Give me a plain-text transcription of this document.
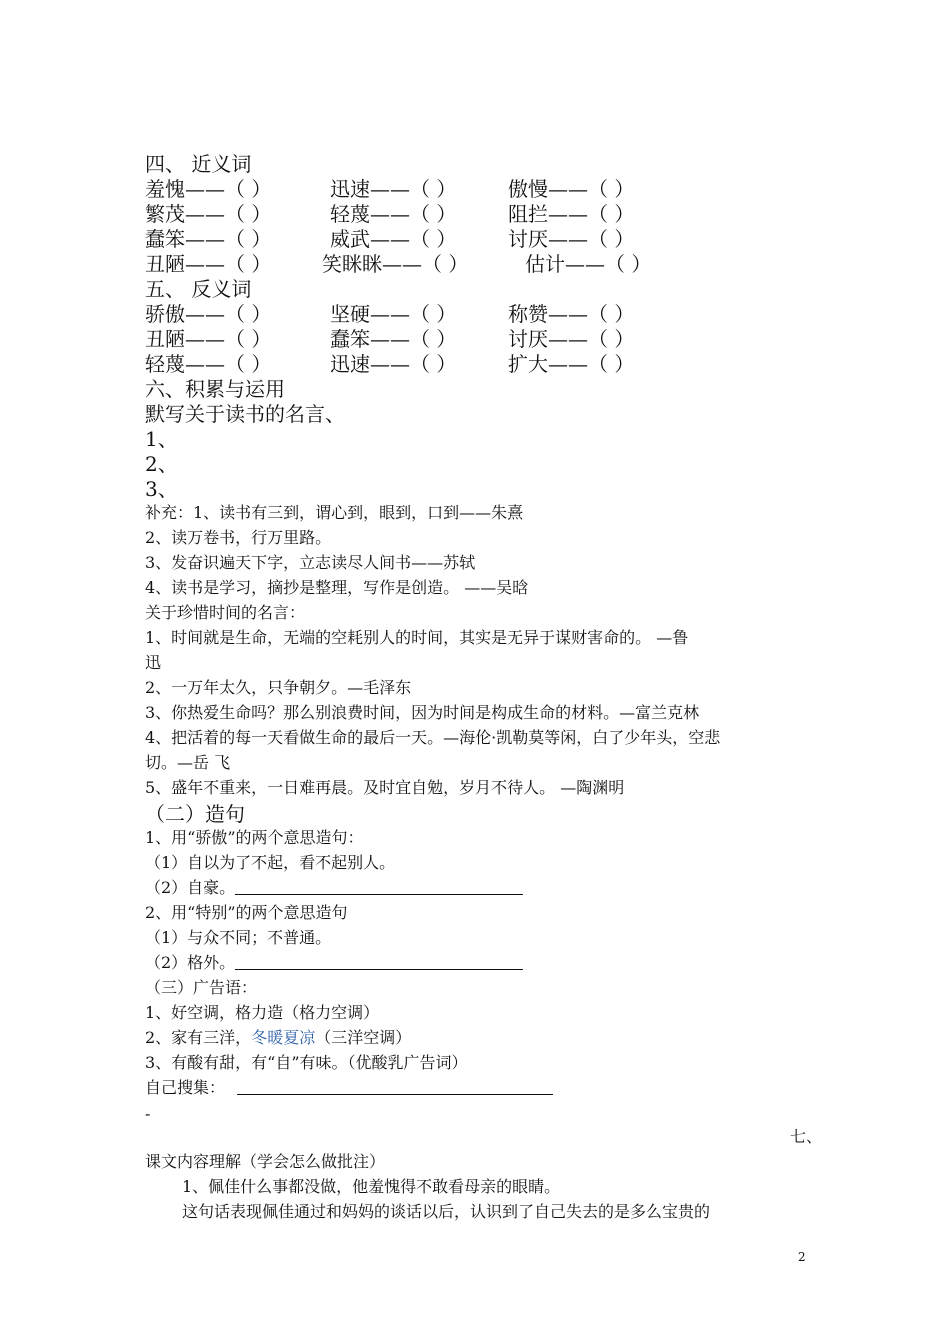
四、 近义词
羞愧——（ ）	迅速——（ ）	傲慢——（ ）
繁茂——（ ）	轻蔑——（ ）	阻拦——（ ）
蠢笨——（ ）	威武——（ ）	讨厌——（ ）
丑陋——（ ）	笑眯眯——（ ）	估计——（ ）
五、 反义词
骄傲——（ ）	坚硬——（ ）	称赞——（ ）
丑陋——（ ）	蠢笨——（ ）	讨厌——（ ）
轻蔑——（ ）	迅速——（ ）	扩大——（ ）
六、积累与运用
默写关于读书的名言、
1、
2、
3、
补充：1、读书有三到，谓心到，眼到，口到——朱熹
2、读万卷书，行万里路。
3、发奋识遍天下字，立志读尽人间书——苏轼
4、读书是学习，摘抄是整理，写作是创造。 ——吴晗
关于珍惜时间的名言：
1、时间就是生命，无端的空耗别人的时间，其实是无异于谋财害命的。 —鲁
迅
2、一万年太久，只争朝夕。—毛泽东
3、你热爱生命吗？那么别浪费时间，因为时间是构成生命的材料。—富兰克林
4、把活着的每一天看做生命的最后一天。—海伦·凯勒莫等闲，白了少年头，空悲
切。—岳 飞
5、盛年不重来，一日难再晨。及时宜自勉，岁月不待人。 —陶渊明
（二）造句
1、用“骄傲”的两个意思造句：
（1）自以为了不起，看不起别人。
（2）自豪。
2、用“特别”的两个意思造句
（1）与众不同；不普通。
（2）格外。
（三）广告语：
1、好空调，格力造（格力空调）
2、家有三洋，冬暖夏凉（三洋空调）
3、有酸有甜，有“自”有味。（优酸乳广告词）
自己搜集：
-
七、
课文内容理解（学会怎么做批注）
1、佩佳什么事都没做，他羞愧得不敢看母亲的眼睛。
这句话表现佩佳通过和妈妈的谈话以后，认识到了自己失去的是多么宝贵的
2
